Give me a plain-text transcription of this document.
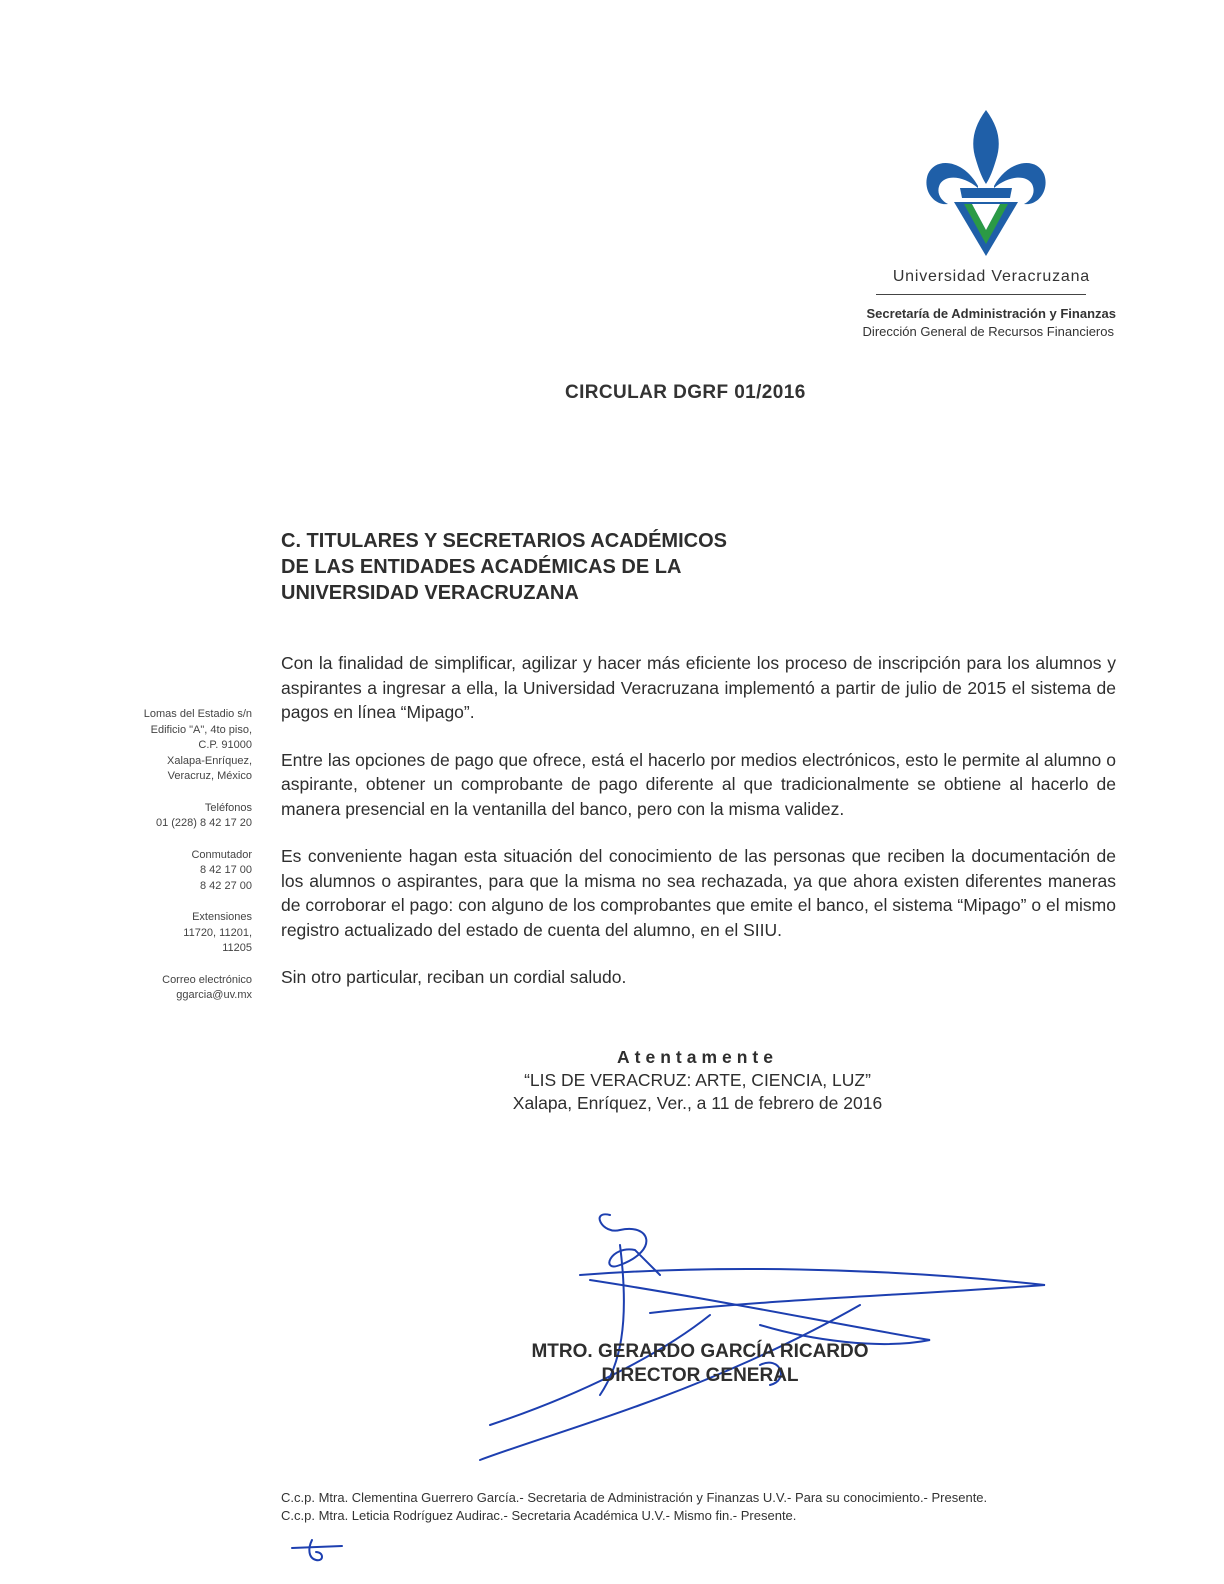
Universidad Veracruzana
Secretaría de Administración y Finanzas
Dirección General de Recursos Financieros
CIRCULAR DGRF 01/2016
C. TITULARES Y SECRETARIOS ACADÉMICOS
DE LAS ENTIDADES ACADÉMICAS DE LA
UNIVERSIDAD VERACRUZANA
Lomas del Estadio s/n
Edificio "A", 4to piso,
C.P. 91000
Xalapa-Enríquez,
Veracruz, México
Teléfonos
01 (228) 8 42 17 20
Conmutador
8 42 17 00
8 42 27 00
Extensiones
11720, 11201,
11205
Correo electrónico
ggarcia@uv.mx

Con la finalidad de simplificar, agilizar y hacer más eficiente los proceso de inscripción para los alumnos y aspirantes a ingresar a ella, la Universidad Veracruzana implementó a partir de julio de 2015 el sistema de pagos en línea “Mipago”.

Entre las opciones de pago que ofrece, está el hacerlo por medios electrónicos, esto le permite al alumno o aspirante, obtener un comprobante de pago diferente al que tradicionalmente se obtiene al hacerlo de manera presencial en la ventanilla del banco, pero con la misma validez.

Es conveniente hagan esta situación del conocimiento de las personas que reciben la documentación de los alumnos o aspirantes, para que la misma no sea rechazada, ya que ahora existen diferentes maneras de corroborar el pago: con alguno de los comprobantes que emite el banco, el sistema “Mipago” o el mismo registro actualizado del estado de cuenta del alumno, en el SIIU.

Sin otro particular, reciban un cordial saludo.

Atentamente
“LIS DE VERACRUZ: ARTE, CIENCIA, LUZ”
Xalapa, Enríquez, Ver., a 11 de febrero de 2016
MTRO. GERARDO GARCÍA RICARDO
DIRECTOR GENERAL
C.c.p. Mtra. Clementina Guerrero García.- Secretaria de Administración y Finanzas U.V.- Para su conocimiento.- Presente.
C.c.p. Mtra. Leticia Rodríguez Audirac.- Secretaria Académica U.V.- Mismo fin.- Presente.
